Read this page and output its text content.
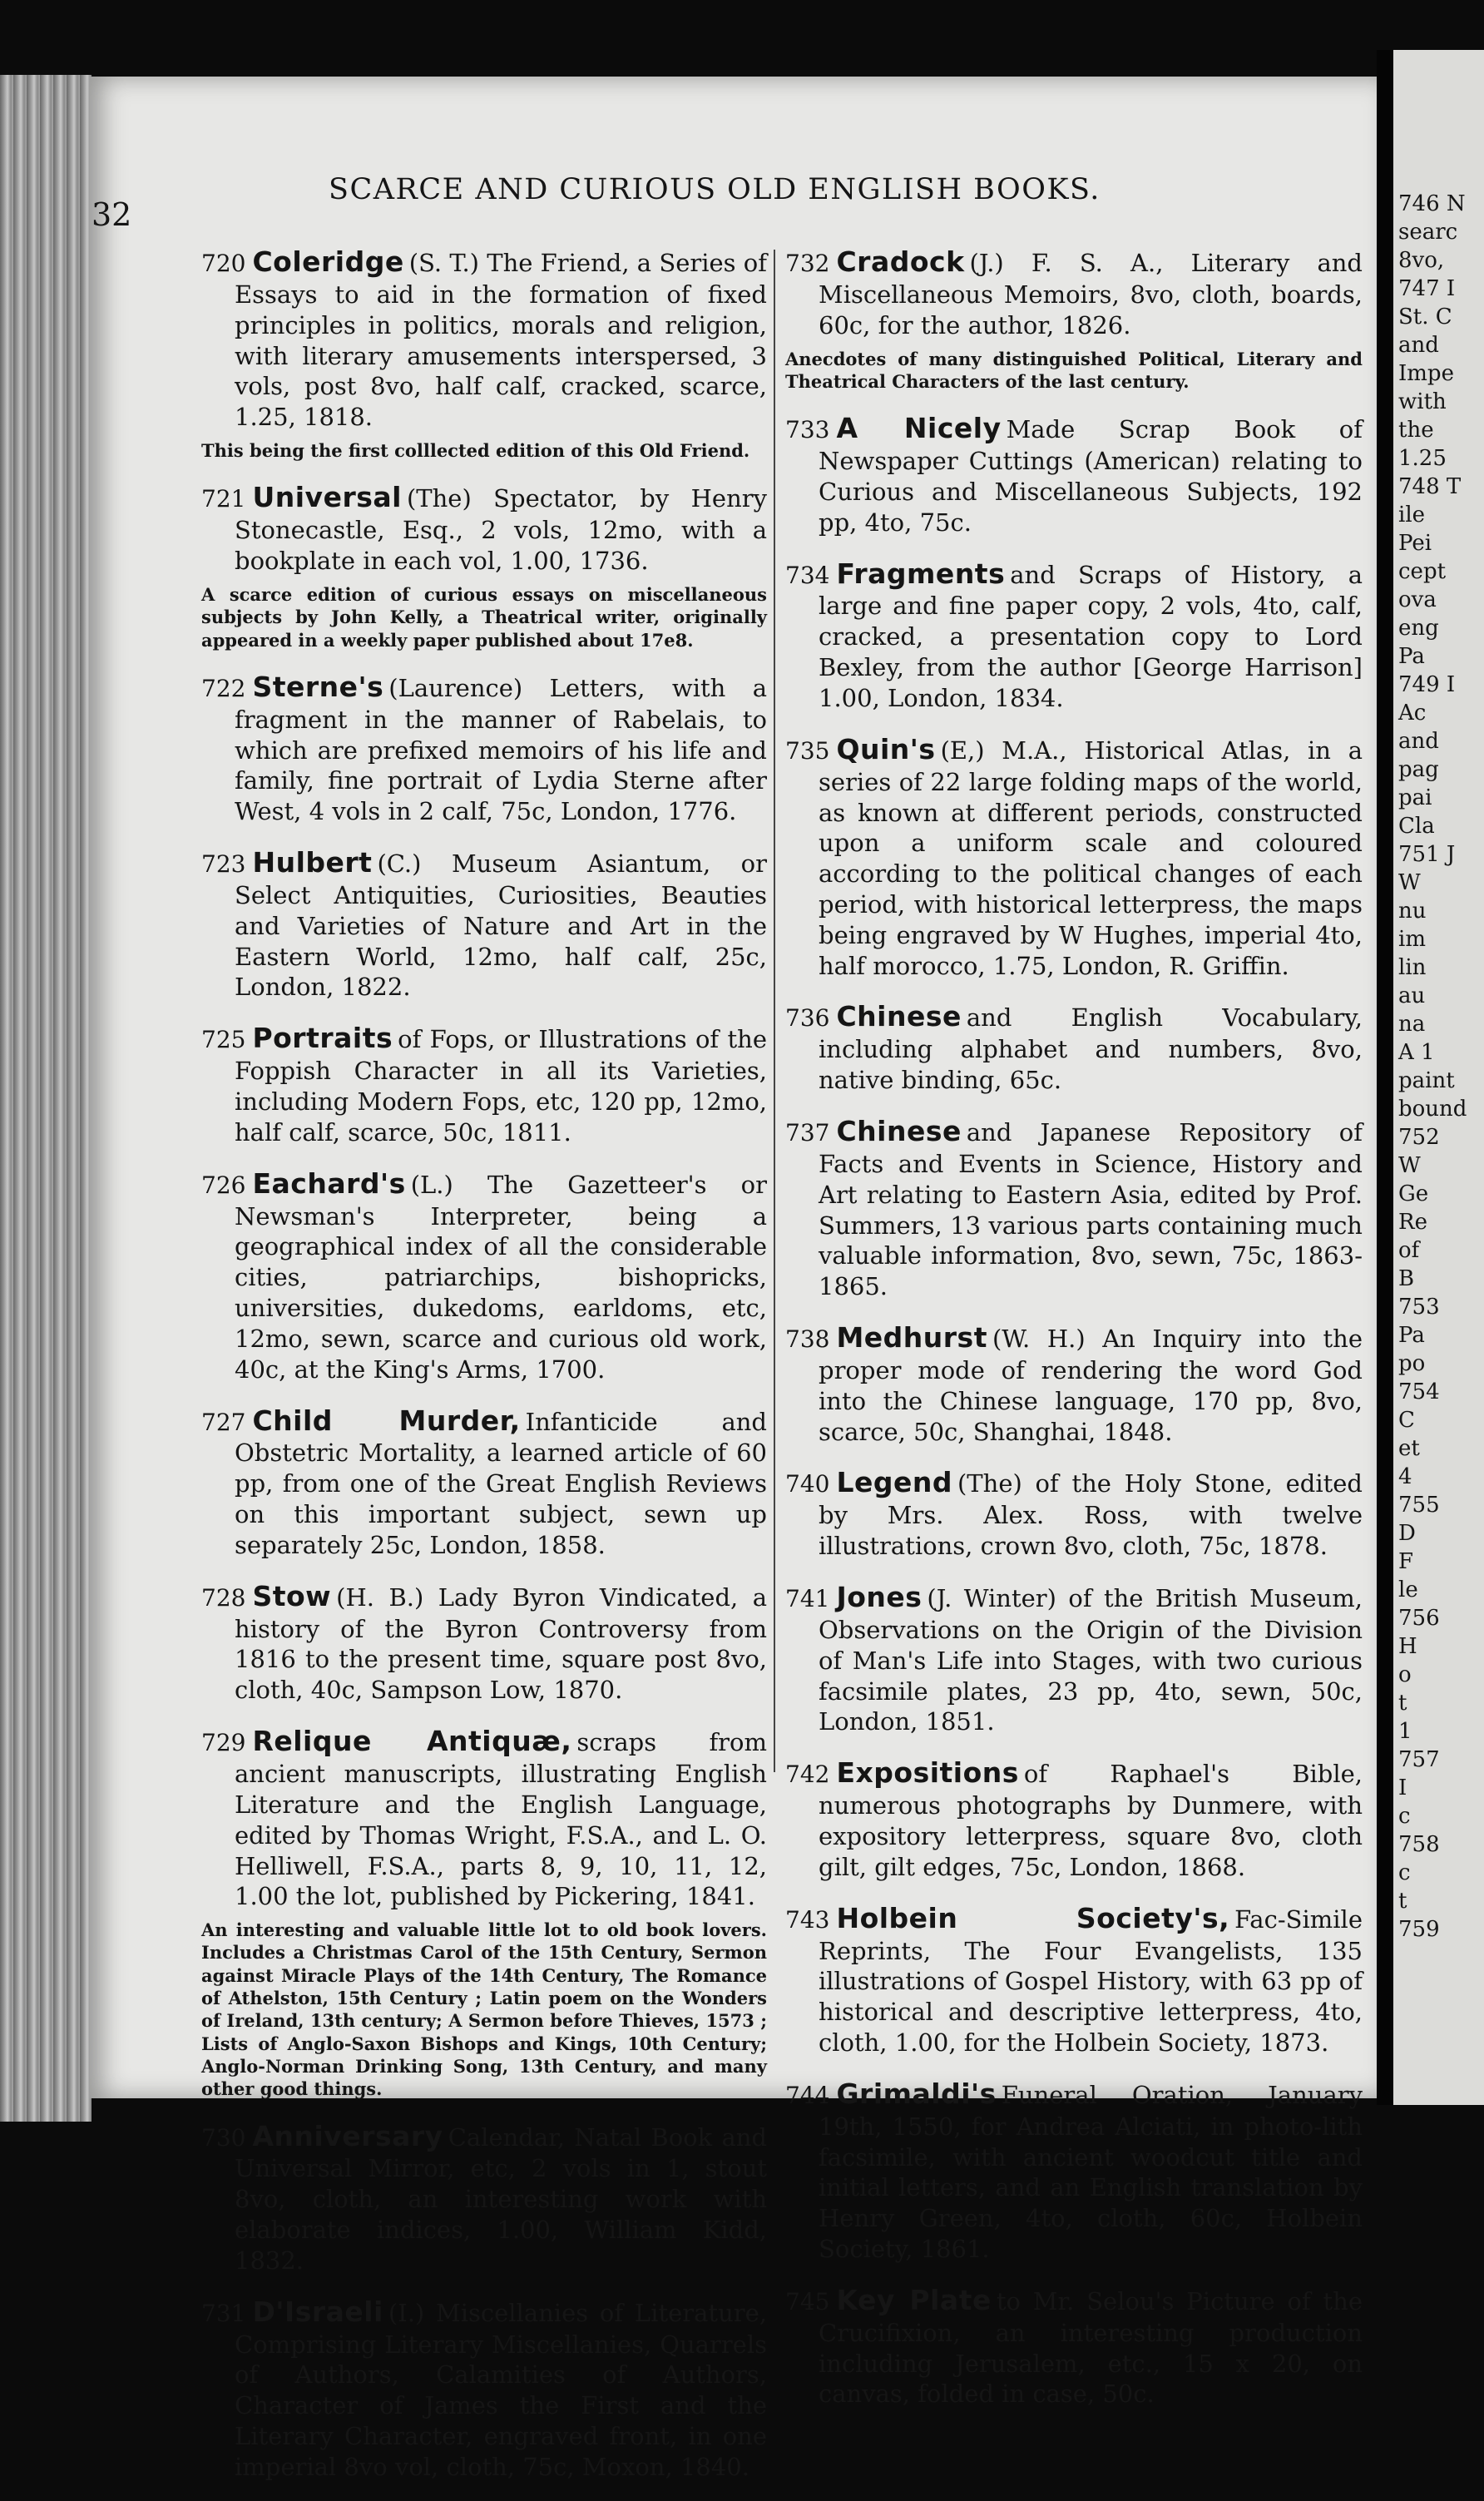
746 N
searc
8vo,
747 I
St. C
and
Impe
with
the
1.25
748 T
ile
Pei
cept
ova
eng
Pa
749 I
Ac
and
pag
pai
Cla
751 J
W
nu
im
lin
au
na
A 1
paint
bound
752
W
Ge
Re
of
B
753
Pa
po
754
C
et
4
755
D
F
le
756
H
o
t
1
757
I
c
758
c
t
759
32
SCARCE AND CURIOUS OLD ENGLISH BOOKS.
720 Coleridge (S. T.) The Friend, a Series of Essays to aid in the formation of fixed principles in politics, morals and religion, with literary amusements interspersed, 3 vols, post 8vo, half calf, cracked, scarce, 1.25, 1818.
This being the first colllected edition of this Old Friend.
721 Universal (The) Spectator, by Henry Stonecastle, Esq., 2 vols, 12mo, with a bookplate in each vol, 1.00, 1736.
A scarce edition of curious essays on miscellaneous subjects by John Kelly, a Theatrical writer, originally appeared in a weekly paper published about 17e8.
722 Sterne's (Laurence) Letters, with a fragment in the manner of Rabelais, to which are prefixed memoirs of his life and family, fine portrait of Lydia Sterne after West, 4 vols in 2 calf, 75c, London, 1776.
723 Hulbert (C.) Museum Asiantum, or Select Antiquities, Curiosities, Beauties and Varieties of Nature and Art in the Eastern World, 12mo, half calf, 25c, London, 1822.
725 Portraits of Fops, or Illustrations of the Foppish Character in all its Varieties, including Modern Fops, etc, 120 pp, 12mo, half calf, scarce, 50c, 1811.
726 Eachard's (L.) The Gazetteer's or Newsman's Interpreter, being a geographical index of all the considerable cities, patriarchips, bishopricks, universities, dukedoms, earldoms, etc, 12mo, sewn, scarce and curious old work, 40c, at the King's Arms, 1700.
727 Child Murder, Infanticide and Obstetric Mortality, a learned article of 60 pp, from one of the Great English Reviews on this important subject, sewn up separately 25c, London, 1858.
728 Stow (H. B.) Lady Byron Vindicated, a history of the Byron Controversy from 1816 to the present time, square post 8vo, cloth, 40c, Sampson Low, 1870.
729 Relique Antiquæ, scraps from ancient manuscripts, illustrating English Literature and the English Language, edited by Thomas Wright, F.S.A., and L. O. Helliwell, F.S.A., parts 8, 9, 10, 11, 12, 1.00 the lot, published by Pickering, 1841.
An interesting and valuable little lot to old book lovers. Includes a Christmas Carol of the 15th Century, Sermon against Miracle Plays of the 14th Century, The Romance of Athelston, 15th Century ; Latin poem on the Wonders of Ireland, 13th century; A Sermon before Thieves, 1573 ; Lists of Anglo-Saxon Bishops and Kings, 10th Century; Anglo-Norman Drinking Song, 13th Century, and many other good things.
730 Anniversary Calendar, Natal Book and Universal Mirror, etc, 2 vols in 1, stout 8vo, cloth, an interesting work with elaborate indices, 1.00, William Kidd, 1832.
731 D'Israeli (I.) Miscellanies of Literature, Comprising Literary Miscellanies, Quarrels of Authors, Calamities of Authors, Character of James the First and the Literary Character, engraved front, in one imperial 8vo vol, cloth, 75c, Moxon, 1840.
732 Cradock (J.) F. S. A., Literary and Miscellaneous Memoirs, 8vo, cloth, boards, 60c, for the author, 1826.
Anecdotes of many distinguished Political, Literary and Theatrical Characters of the last century.
733 A Nicely Made Scrap Book of Newspaper Cuttings (American) relating to Curious and Miscellaneous Subjects, 192 pp, 4to, 75c.
734 Fragments and Scraps of History, a large and fine paper copy, 2 vols, 4to, calf, cracked, a presentation copy to Lord Bexley, from the author [George Harrison] 1.00, London, 1834.
735 Quin's (E,) M.A., Historical Atlas, in a series of 22 large folding maps of the world, as known at different periods, constructed upon a uniform scale and coloured according to the political changes of each period, with historical letterpress, the maps being engraved by W Hughes, imperial 4to, half morocco, 1.75, London, R. Griffin.
736 Chinese and English Vocabulary, including alphabet and numbers, 8vo, native binding, 65c.
737 Chinese and Japanese Repository of Facts and Events in Science, History and Art relating to Eastern Asia, edited by Prof. Summers, 13 various parts containing much valuable information, 8vo, sewn, 75c, 1863-1865.
738 Medhurst (W. H.) An Inquiry into the proper mode of rendering the word God into the Chinese language, 170 pp, 8vo, scarce, 50c, Shanghai, 1848.
740 Legend (The) of the Holy Stone, edited by Mrs. Alex. Ross, with twelve illustrations, crown 8vo, cloth, 75c, 1878.
741 Jones (J. Winter) of the British Museum, Observations on the Origin of the Division of Man's Life into Stages, with two curious facsimile plates, 23 pp, 4to, sewn, 50c, London, 1851.
742 Expositions of Raphael's Bible, numerous photographs by Dunmere, with expository letterpress, square 8vo, cloth gilt, gilt edges, 75c, London, 1868.
743 Holbein Society's, Fac-Simile Reprints, The Four Evangelists, 135 illustrations of Gospel History, with 63 pp of historical and descriptive letterpress, 4to, cloth, 1.00, for the Holbein Society, 1873.
744 Grimaldi's Funeral Oration, January 19th, 1550, for Andrea Alciati, in photo-lith facsimile, with ancient woodcut title and initial letters, and an English translation by Henry Green, 4to, cloth, 60c, Holbein Society, 1861.
745 Key Plate to Mr. Selou's Picture of the Crucifixion, an interesting production including Jerusalem, etc., 15 x 20, on canvas, folded in case, 50c.
